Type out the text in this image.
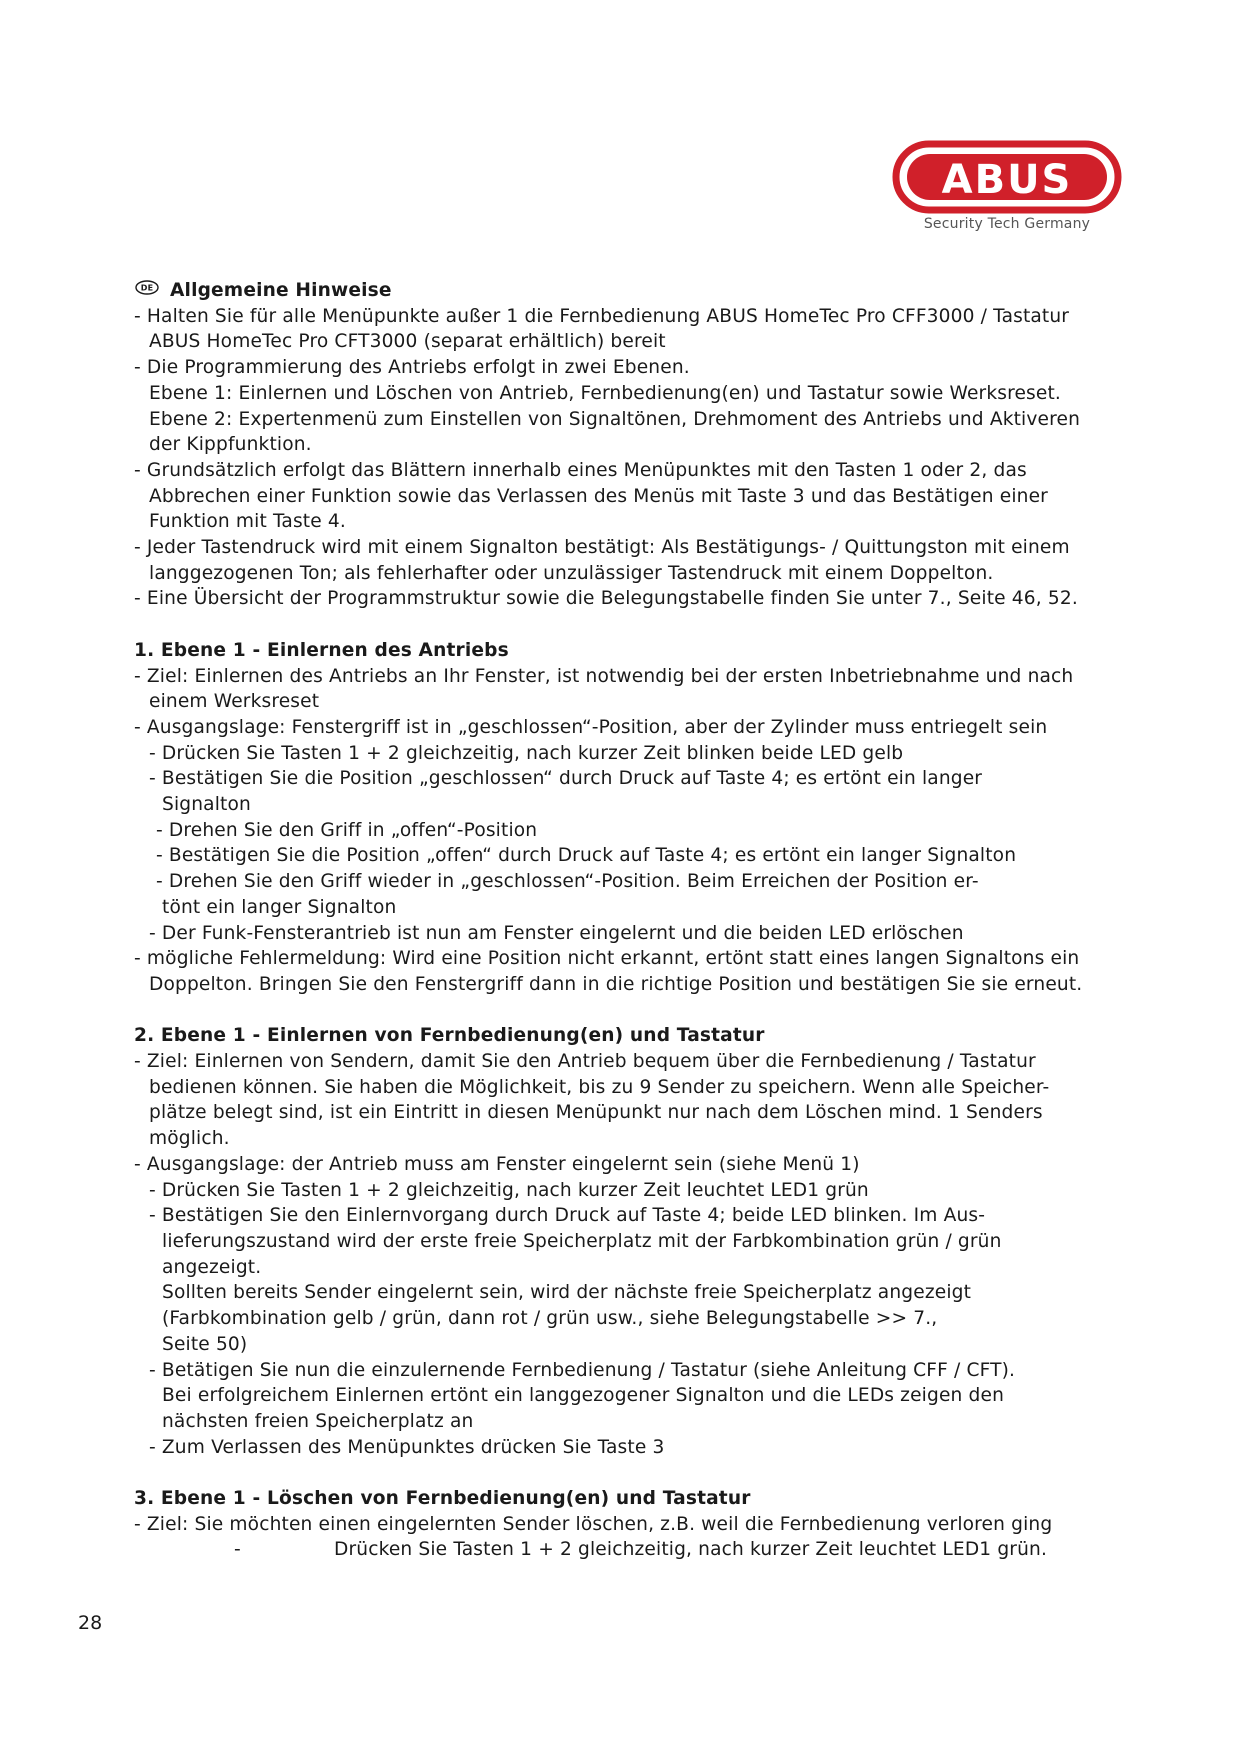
ABUS
Security Tech Germany
DE Allgemeine Hinweise
- Halten Sie für alle Menüpunkte außer 1 die Fernbedienung ABUS HomeTec Pro CFF3000 / Tastatur
ABUS HomeTec Pro CFT3000 (separat erhältlich) bereit
- Die Programmierung des Antriebs erfolgt in zwei Ebenen.
Ebene 1: Einlernen und Löschen von Antrieb, Fernbedienung(en) und Tastatur sowie Werksreset.
Ebene 2: Expertenmenü zum Einstellen von Signaltönen, Drehmoment des Antriebs und Aktiveren
der Kippfunktion.
- Grundsätzlich erfolgt das Blättern innerhalb eines Menüpunktes mit den Tasten 1 oder 2, das
Abbrechen einer Funktion sowie das Verlassen des Menüs mit Taste 3 und das Bestätigen einer
Funktion mit Taste 4.
- Jeder Tastendruck wird mit einem Signalton bestätigt: Als Bestätigungs- / Quittungston mit einem
langgezogenen Ton; als fehlerhafter oder unzulässiger Tastendruck mit einem Doppelton.
- Eine Übersicht der Programmstruktur sowie die Belegungstabelle finden Sie unter 7., Seite 46, 52.
1. Ebene 1 - Einlernen des Antriebs
- Ziel: Einlernen des Antriebs an Ihr Fenster, ist notwendig bei der ersten Inbetriebnahme und nach
einem Werksreset
- Ausgangslage: Fenstergriff ist in „geschlossen“-Position, aber der Zylinder muss entriegelt sein
- Drücken Sie Tasten 1 + 2 gleichzeitig, nach kurzer Zeit blinken beide LED gelb
- Bestätigen Sie die Position „geschlossen“ durch Druck auf Taste 4; es ertönt ein langer
Signalton
- Drehen Sie den Griff in „offen“-Position
- Bestätigen Sie die Position „offen“ durch Druck auf Taste 4; es ertönt ein langer Signalton
- Drehen Sie den Griff wieder in „geschlossen“-Position. Beim Erreichen der Position er-
tönt ein langer Signalton
- Der Funk-Fensterantrieb ist nun am Fenster eingelernt und die beiden LED erlöschen
- mögliche Fehlermeldung: Wird eine Position nicht erkannt, ertönt statt eines langen Signaltons ein
Doppelton. Bringen Sie den Fenstergriff dann in die richtige Position und bestätigen Sie sie erneut.
2. Ebene 1 - Einlernen von Fernbedienung(en) und Tastatur
- Ziel: Einlernen von Sendern, damit Sie den Antrieb bequem über die Fernbedienung / Tastatur
bedienen können. Sie haben die Möglichkeit, bis zu 9 Sender zu speichern. Wenn alle Speicher-
plätze belegt sind, ist ein Eintritt in diesen Menüpunkt nur nach dem Löschen mind. 1 Senders
möglich.
- Ausgangslage: der Antrieb muss am Fenster eingelernt sein (siehe Menü 1)
- Drücken Sie Tasten 1 + 2 gleichzeitig, nach kurzer Zeit leuchtet LED1 grün
- Bestätigen Sie den Einlernvorgang durch Druck auf Taste 4; beide LED blinken. Im Aus-
lieferungszustand wird der erste freie Speicherplatz mit der Farbkombination grün / grün
angezeigt.
Sollten bereits Sender eingelernt sein, wird der nächste freie Speicherplatz angezeigt
(Farbkombination gelb / grün, dann rot / grün usw., siehe Belegungstabelle >> 7.,
Seite 50)
- Betätigen Sie nun die einzulernende Fernbedienung / Tastatur (siehe Anleitung CFF / CFT).
Bei erfolgreichem Einlernen ertönt ein langgezogener Signalton und die LEDs zeigen den
nächsten freien Speicherplatz an
- Zum Verlassen des Menüpunktes drücken Sie Taste 3
3. Ebene 1 - Löschen von Fernbedienung(en) und Tastatur
- Ziel: Sie möchten einen eingelernten Sender löschen, z.B. weil die Fernbedienung verloren ging
-	Drücken Sie Tasten 1 + 2 gleichzeitig, nach kurzer Zeit leuchtet LED1 grün.
28
